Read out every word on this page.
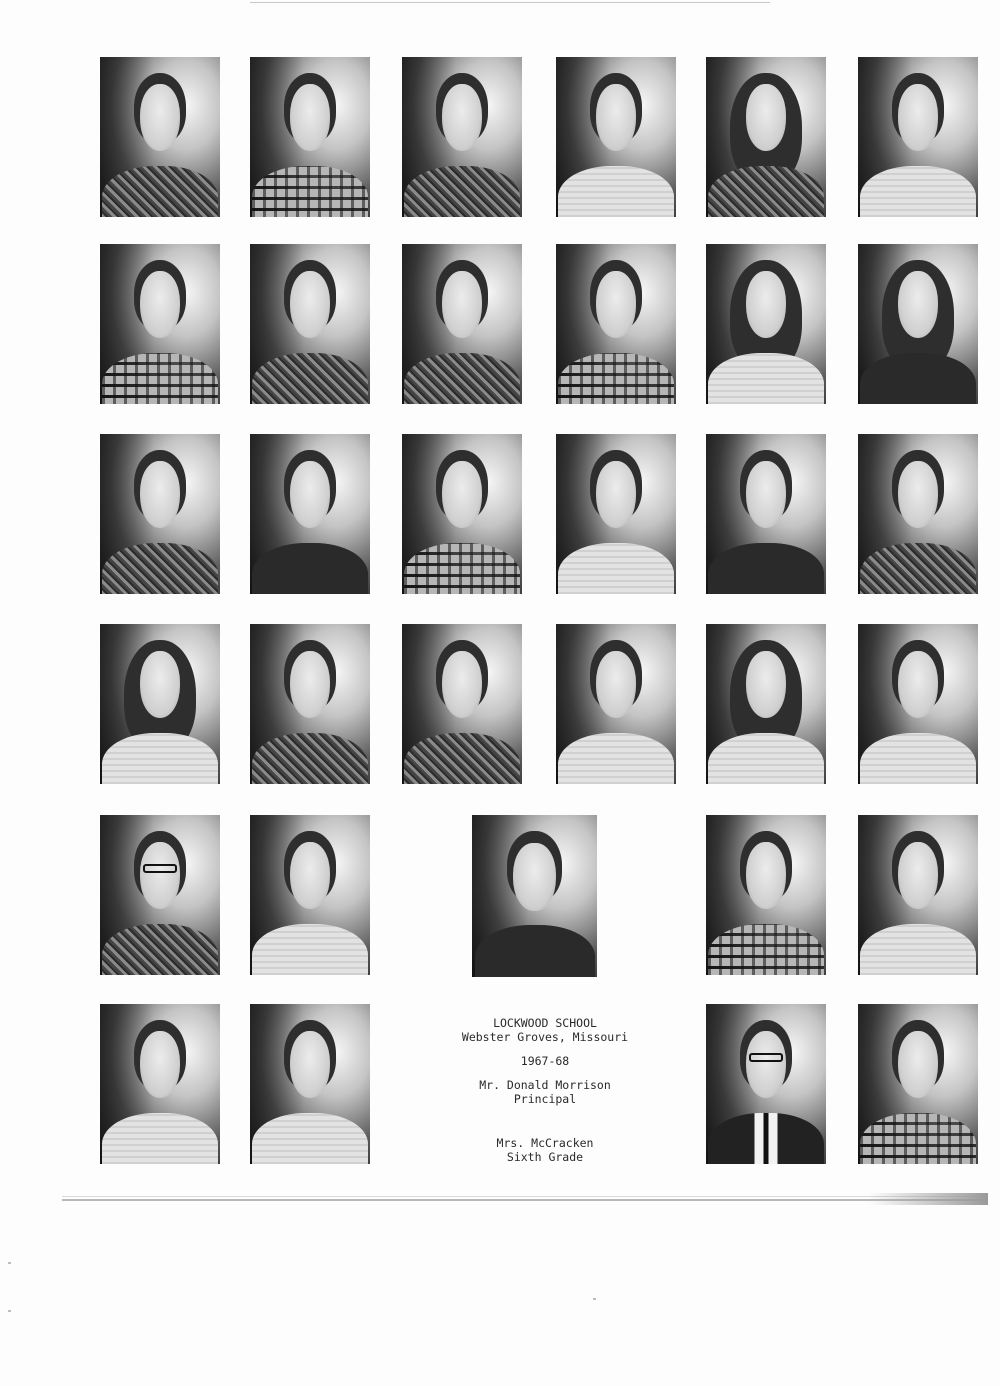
LOCKWOOD SCHOOL
Webster Groves, Missouri
1967-68
Mr. Donald Morrison
Principal
Mrs. McCracken
Sixth Grade
